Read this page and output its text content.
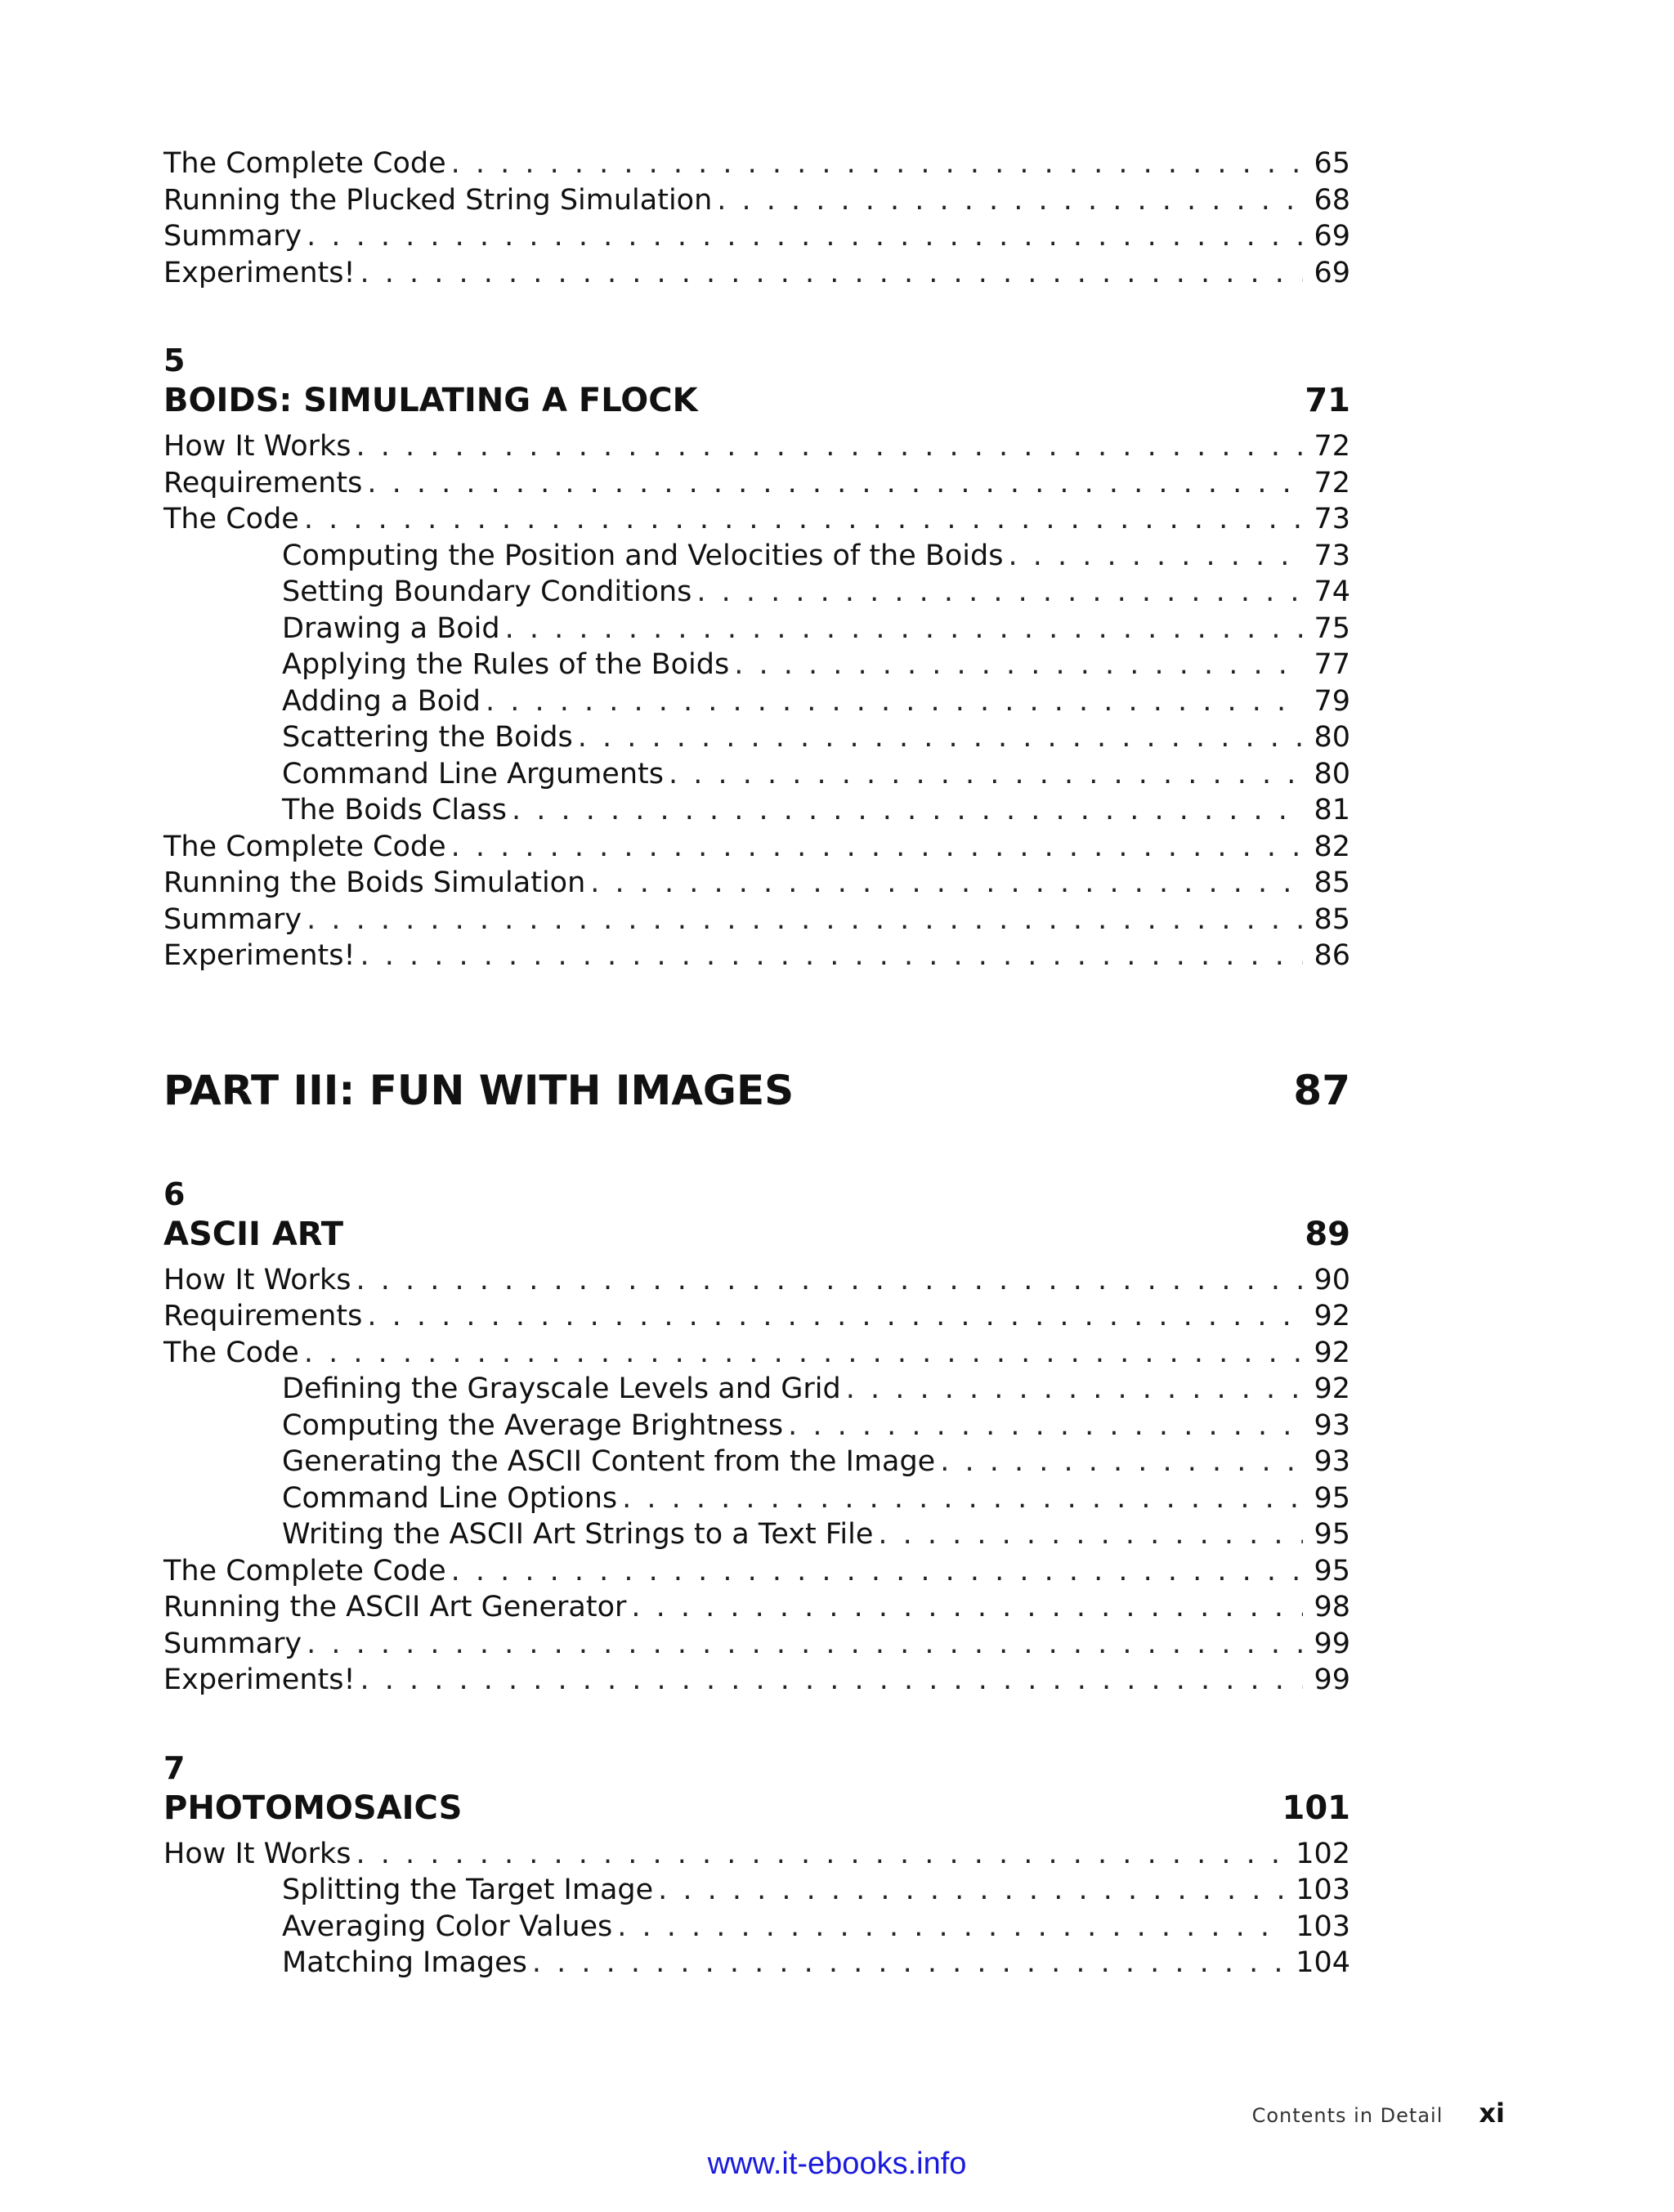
The Complete Code . . .	65
Running the Plucked String Simulation . . .	68
Summary . . .	69
Experiments! . . .	69
5
BOIDS: SIMULATING A FLOCK	71
How It Works . . .	72
Requirements . . .	72
The Code . . .	73
Computing the Position and Velocities of the Boids . . .	73
Setting Boundary Conditions . . .	74
Drawing a Boid . . .	75
Applying the Rules of the Boids . . .	77
Adding a Boid . . .	79
Scattering the Boids . . .	80
Command Line Arguments . . .	80
The Boids Class . . .	81
The Complete Code . . .	82
Running the Boids Simulation . . .	85
Summary . . .	85
Experiments! . . .	86
PART III: FUN WITH IMAGES	87
6
ASCII ART	89
How It Works . . .	90
Requirements . . .	92
The Code . . .	92
Defining the Grayscale Levels and Grid . . .	92
Computing the Average Brightness . . .	93
Generating the ASCII Content from the Image . . .	93
Command Line Options . . .	95
Writing the ASCII Art Strings to a Text File . . .	95
The Complete Code . . .	95
Running the ASCII Art Generator . . .	98
Summary . . .	99
Experiments! . . .	99
7
PHOTOMOSAICS	101
How It Works . . .	102
Splitting the Target Image . . .	103
Averaging Color Values . . .	103
Matching Images . . .	104
Contents in Detail xi
www.it-ebooks.info
